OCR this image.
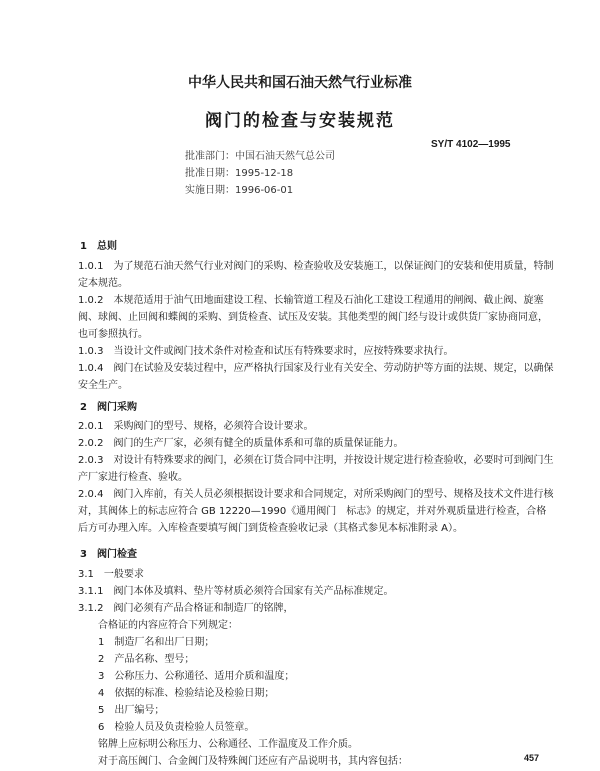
中华人民共和国石油天然气行业标准
阀门的检查与安装规范
SY/T 4102—1995
批准部门：中国石油天然气总公司
批准日期：1995-12-18
实施日期：1996-06-01
1　总则
1.0.1　为了规范石油天然气行业对阀门的采购、检查验收及安装施工，以保证阀门的安装和使用质量，特制定本规范。
1.0.2　本规范适用于油气田地面建设工程、长输管道工程及石油化工建设工程通用的闸阀、截止阀、旋塞阀、球阀、止回阀和蝶阀的采购、到货检查、试压及安装。其他类型的阀门经与设计或供货厂家协商同意，也可参照执行。
1.0.3　当设计文件或阀门技术条件对检查和试压有特殊要求时，应按特殊要求执行。
1.0.4　阀门在试验及安装过程中，应严格执行国家及行业有关安全、劳动防护等方面的法规、规定，以确保安全生产。
2　阀门采购
2.0.1　采购阀门的型号、规格，必须符合设计要求。
2.0.2　阀门的生产厂家，必须有健全的质量体系和可靠的质量保证能力。
2.0.3　对设计有特殊要求的阀门，必须在订货合同中注明，并按设计规定进行检查验收，必要时可到阀门生产厂家进行检查、验收。
2.0.4　阀门入库前，有关人员必须根据设计要求和合同规定，对所采购阀门的型号、规格及技术文件进行核对，其阀体上的标志应符合 GB 12220—1990《通用阀门　标志》的规定，并对外观质量进行检查，合格后方可办理入库。入库检查要填写阀门到货检查验收记录（其格式参见本标准附录 A）。
3　阀门检查
3.1　一般要求
3.1.1　阀门本体及填料、垫片等材质必须符合国家有关产品标准规定。
3.1.2　阀门必须有产品合格证和制造厂的铭牌，
合格证的内容应符合下列规定：
1　制造厂名和出厂日期；
2　产品名称、型号；
3　公称压力、公称通径、适用介质和温度；
4　依据的标准、检验结论及检验日期；
5　出厂编号；
6　检验人员及负责检验人员签章。
铭牌上应标明公称压力、公称通径、工作温度及工作介质。
对于高压阀门、合金阀门及特殊阀门还应有产品说明书，其内容包括：	457
